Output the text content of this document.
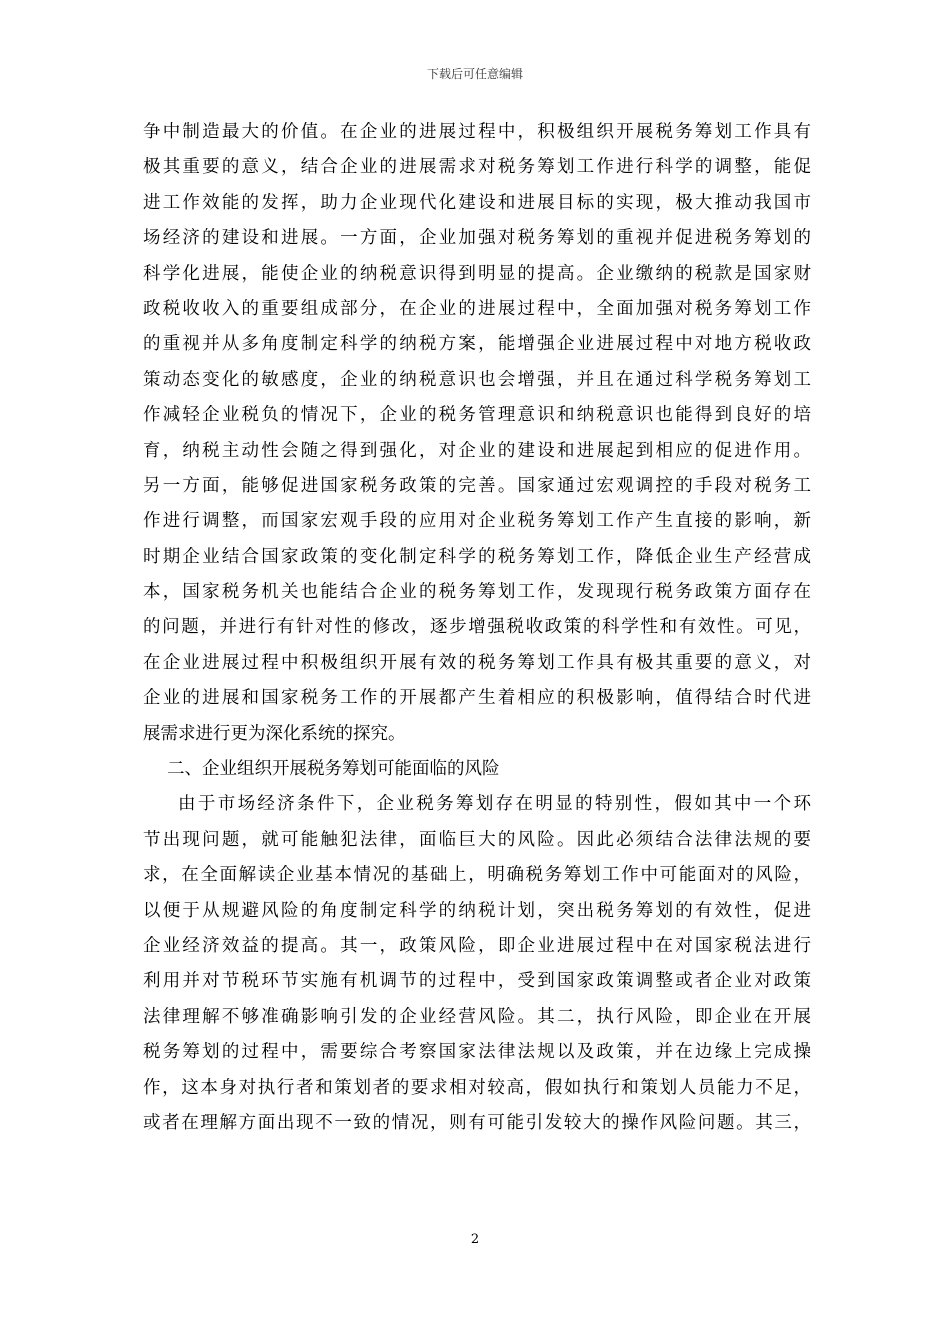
下载后可任意编辑
争中制造最大的价值。在企业的进展过程中，积极组织开展税务筹划工作具有
极其重要的意义，结合企业的进展需求对税务筹划工作进行科学的调整，能促
进工作效能的发挥，助力企业现代化建设和进展目标的实现，极大推动我国市
场经济的建设和进展。一方面，企业加强对税务筹划的重视并促进税务筹划的
科学化进展，能使企业的纳税意识得到明显的提高。企业缴纳的税款是国家财
政税收收入的重要组成部分，在企业的进展过程中，全面加强对税务筹划工作
的重视并从多角度制定科学的纳税方案，能增强企业进展过程中对地方税收政
策动态变化的敏感度，企业的纳税意识也会增强，并且在通过科学税务筹划工
作减轻企业税负的情况下，企业的税务管理意识和纳税意识也能得到良好的培
育，纳税主动性会随之得到强化，对企业的建设和进展起到相应的促进作用。
另一方面，能够促进国家税务政策的完善。国家通过宏观调控的手段对税务工
作进行调整，而国家宏观手段的应用对企业税务筹划工作产生直接的影响，新
时期企业结合国家政策的变化制定科学的税务筹划工作，降低企业生产经营成
本，国家税务机关也能结合企业的税务筹划工作，发现现行税务政策方面存在
的问题，并进行有针对性的修改，逐步增强税收政策的科学性和有效性。可见，
在企业进展过程中积极组织开展有效的税务筹划工作具有极其重要的意义，对
企业的进展和国家税务工作的开展都产生着相应的积极影响，值得结合时代进
展需求进行更为深化系统的探究。
二、企业组织开展税务筹划可能面临的风险
由于市场经济条件下，企业税务筹划存在明显的特别性，假如其中一个环
节出现问题，就可能触犯法律，面临巨大的风险。因此必须结合法律法规的要
求，在全面解读企业基本情况的基础上，明确税务筹划工作中可能面对的风险，
以便于从规避风险的角度制定科学的纳税计划，突出税务筹划的有效性，促进
企业经济效益的提高。其一，政策风险，即企业进展过程中在对国家税法进行
利用并对节税环节实施有机调节的过程中，受到国家政策调整或者企业对政策
法律理解不够准确影响引发的企业经营风险。其二，执行风险，即企业在开展
税务筹划的过程中，需要综合考察国家法律法规以及政策，并在边缘上完成操
作，这本身对执行者和策划者的要求相对较高，假如执行和策划人员能力不足，
或者在理解方面出现不一致的情况，则有可能引发较大的操作风险问题。其三，
2
